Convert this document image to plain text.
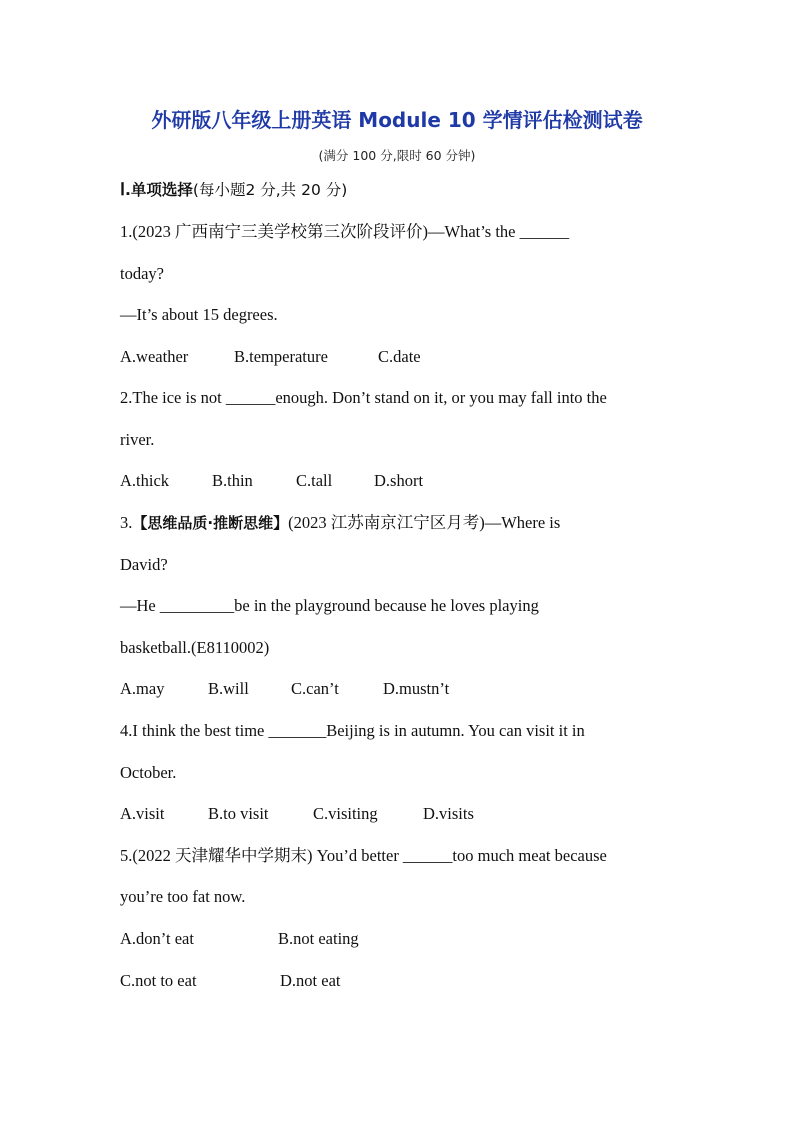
外研版八年级上册英语 Module 10 学情评估检测试卷
(满分 100 分,限时 60 分钟)
Ⅰ.单项选择(每小题2 分,共 20 分)
1.(2023 广西南宁三美学校第三次阶段评价)—What’s the ______
today?
—It’s about 15 degrees.
A.weather	B.temperature	C.date
2.The ice is not ______enough. Don’t stand on it, or you may fall into the
river.
A.thick	B.thin	C.tall	D.short
3.【思维品质·推断思维】(2023 江苏南京江宁区月考)—Where is
David?
—He _________be in the playground because he loves playing
basketball.(E8110002)
A.may	B.will	C.can’t	D.mustn’t
4.I think the best time _______Beijing is in autumn. You can visit it in
October.
A.visit	B.to visit	C.visiting	D.visits
5.(2022 天津耀华中学期末) You’d better ______too much meat because
you’re too fat now.
A.don’t eat	B.not eating
C.not to eat	D.not eat
